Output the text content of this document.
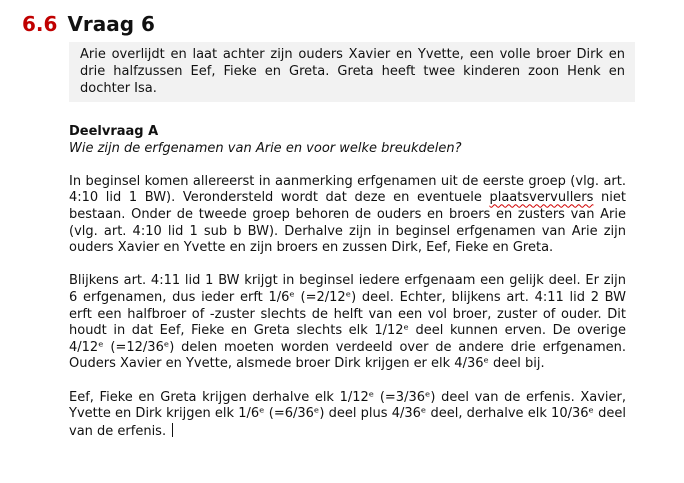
6.6 Vraag 6
Arie overlijdt en laat achter zijn ouders Xavier en Yvette, een volle broer Dirk en drie halfzussen Eef, Fieke en Greta. Greta heeft twee kinderen zoon Henk en dochter Isa.

Deelvraag A

Wie zijn de erfgenamen van Arie en voor welke breukdelen?

In beginsel komen allereerst in aanmerking erfgenamen uit de eerste groep (vlg. art. 4:10 lid 1 BW). Verondersteld wordt dat deze en eventuele plaatsvervullers niet bestaan. Onder de tweede groep behoren de ouders en broers en zusters van Arie (vlg. art. 4:10 lid 1 sub b BW). Derhalve zijn in beginsel erfgenamen van Arie zijn ouders Xavier en Yvette en zijn broers en zussen Dirk, Eef, Fieke en Greta.

Blijkens art. 4:11 lid 1 BW krijgt in beginsel iedere erfgenaam een gelijk deel. Er zijn 6 erfgenamen, dus ieder erft 1/6ᵉ (=2/12ᵉ) deel. Echter, blijkens art. 4:11 lid 2 BW erft een halfbroer of -zuster slechts de helft van een vol broer, zuster of ouder. Dit houdt in dat Eef, Fieke en Greta slechts elk 1/12ᵉ deel kunnen erven. De overige 4/12ᵉ (=12/36ᵉ) delen moeten worden verdeeld over de andere drie erfgenamen. Ouders Xavier en Yvette, alsmede broer Dirk krijgen er elk 4/36ᵉ deel bij.

Eef, Fieke en Greta krijgen derhalve elk 1/12ᵉ (=3/36ᵉ) deel van de erfenis. Xavier, Yvette en Dirk krijgen elk 1/6ᵉ (=6/36ᵉ) deel plus 4/36ᵉ deel, derhalve elk 10/36ᵉ deel van de erfenis.
